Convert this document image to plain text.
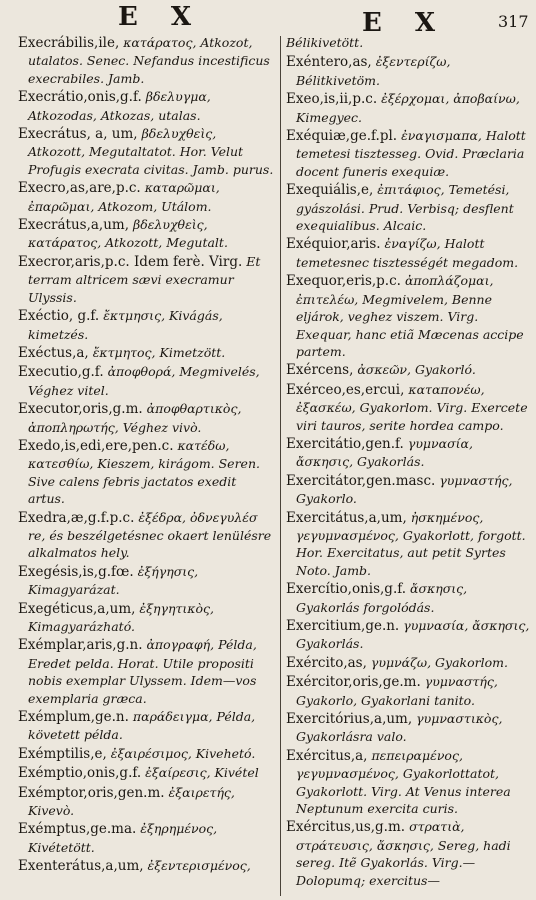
E X	E X	317

Execrábilis,ile, κατάρατος, Atkozot, utalatos. Senec. Nefandus incestificus execrabiles. Jamb.

Execrátio,onis,g.f. βδελυγμα, Atkozodas, Atkozas, utalas.

Execrátus, a, um, βδελυχθεὶς, Atkozott, Megutaltatot. Hor. Velut Profugis execrata civitas. Jamb. purus.

Execro,as,are,p.c. καταρῶμαι, ἐπαρῶμαι, Atkozom, Utálom.

Execrátus,a,um, βδελυχθεὶς, κατάρατος, Atkozott, Megutalt.

Execror,aris,p.c. Idem ferè. Virg. Et terram altricem sævi execramur Ulyssis.

Exéctio, g.f. ἔκτμησις, Kivágás, kimetzés.

Exéctus,a, ἔκτμητος, Kimetzött.

Executio,g.f. ἀποφθορά, Megmivelés, Véghez vitel.

Executor,oris,g.m. ἀποφθαρτικὸς, ἀποπληρωτής, Véghez vivò.

Exedo,is,edi,ere,pen.c. κατέδω, κατεσθίω, Kieszem, kirágom. Seren. Sive calens febris jactatos exedit artus.

Exedra,æ,g.f.p.c. ἐξέδρα, ὀδνεγυλέσ re, és beszélgetésnec okaert lenülésre alkalmatos hely.

Exegésis,is,g.fœ. ἐξήγησις, Kimagyarázat.

Exegéticus,a,um, ἐξηγητικὸς, Kimagyarázható.

Exémplar,aris,g.n. ἀπογραφή, Példa, Eredet pelda. Horat. Utile propositi nobis exemplar Ulyssem. Idem—vos exemplaria græca.

Exémplum,ge.n. παράδειγμα, Példa, követett példa.

Exémptilis,e, ἐξαιρέσιμος, Kivehetó.

Exémptio,onis,g.f. ἐξαίρεσις, Kivétel

Exémptor,oris,gen.m. ἐξαιρετής, Kivevò.

Exémptus,ge.ma. ἐξηρημένος, Kivétetött.

Exenterátus,a,um, ἐξεντερισμένος,

Bélikivetött.

Exéntero,as, ἐξεντερίζω, Bélitkivetöm.

Exeo,is,ii,p.c. ἐξέρχομαι, ἀποβαίνω, Kimegyec.

Exéquiæ,ge.f.pl. ἐναγισμαπα, Halott temetesi tisztesseg. Ovid. Præclaria docent funeris exequiæ.

Exequiális,e, ἐπιτάφιος, Temetési, gyászolási. Prud. Verbisq; desflent exequialibus. Alcaic.

Exéquior,aris. ἐναγίζω, Halott temetesnec tisztességét megadom.

Exequor,eris,p.c. ἀποπλάζομαι, ἐπιτελέω, Megmivelem, Benne eljárok, veghez viszem. Virg. Exequar, hanc etiã Mæcenas accipe partem.

Exércens, ἀσκεῶν, Gyakorló.

Exérceo,es,ercui, καταπονέω, ἐξασκέω, Gyakorlom. Virg. Exercete viri tauros, serite hordea campo.

Exercitátio,gen.f. γυμνασία, ἄσκησις, Gyakorlás.

Exercitátor,gen.masc. γυμναστής, Gyakorlo.

Exercitátus,a,um, ἠσκημένος, γεγυμνασμένος, Gyakorlott, forgott. Hor. Exercitatus, aut petit Syrtes Noto. Jamb.

Exercítio,onis,g.f. ἄσκησις, Gyakorlás forgolódás.

Exercitium,ge.n. γυμνασία, ἄσκησις, Gyakorlás.

Exército,as, γυμνάζω, Gyakorlom.

Exércitor,oris,ge.m. γυμναστής, Gyakorlo, Gyakorlani tanito.

Exercitórius,a,um, γυμναστικὸς, Gyakorlásra valo.

Exércitus,a, πεπειραμένος, γεγυμνασμένος, Gyakorlottatot, Gyakorlott. Virg. At Venus interea Neptunum exercita curis.

Exércitus,us,g.m. στρατιὰ, στράτευσις, ἄσκησις, Sereg, hadi sereg. Itẽ Gyakorlás. Virg.—Dolopumq; exercitus—
